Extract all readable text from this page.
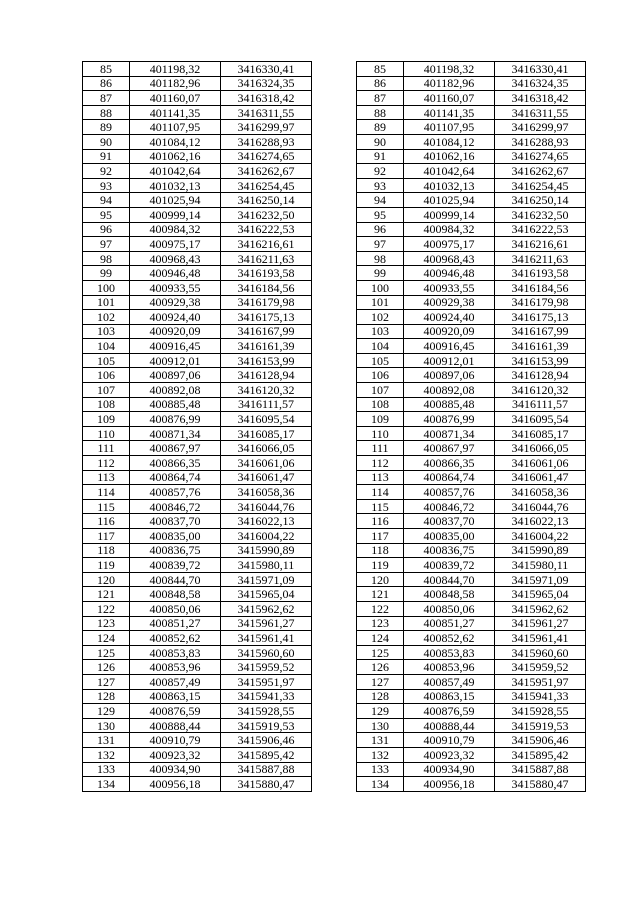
85	401198,32	3416330,41		85	401198,32	3416330,41
86	401182,96	3416324,35		86	401182,96	3416324,35
87	401160,07	3416318,42		87	401160,07	3416318,42
88	401141,35	3416311,55		88	401141,35	3416311,55
89	401107,95	3416299,97		89	401107,95	3416299,97
90	401084,12	3416288,93		90	401084,12	3416288,93
91	401062,16	3416274,65		91	401062,16	3416274,65
92	401042,64	3416262,67		92	401042,64	3416262,67
93	401032,13	3416254,45		93	401032,13	3416254,45
94	401025,94	3416250,14		94	401025,94	3416250,14
95	400999,14	3416232,50		95	400999,14	3416232,50
96	400984,32	3416222,53		96	400984,32	3416222,53
97	400975,17	3416216,61		97	400975,17	3416216,61
98	400968,43	3416211,63		98	400968,43	3416211,63
99	400946,48	3416193,58		99	400946,48	3416193,58
100	400933,55	3416184,56		100	400933,55	3416184,56
101	400929,38	3416179,98		101	400929,38	3416179,98
102	400924,40	3416175,13		102	400924,40	3416175,13
103	400920,09	3416167,99		103	400920,09	3416167,99
104	400916,45	3416161,39		104	400916,45	3416161,39
105	400912,01	3416153,99		105	400912,01	3416153,99
106	400897,06	3416128,94		106	400897,06	3416128,94
107	400892,08	3416120,32		107	400892,08	3416120,32
108	400885,48	3416111,57		108	400885,48	3416111,57
109	400876,99	3416095,54		109	400876,99	3416095,54
110	400871,34	3416085,17		110	400871,34	3416085,17
111	400867,97	3416066,05		111	400867,97	3416066,05
112	400866,35	3416061,06		112	400866,35	3416061,06
113	400864,74	3416061,47		113	400864,74	3416061,47
114	400857,76	3416058,36		114	400857,76	3416058,36
115	400846,72	3416044,76		115	400846,72	3416044,76
116	400837,70	3416022,13		116	400837,70	3416022,13
117	400835,00	3416004,22		117	400835,00	3416004,22
118	400836,75	3415990,89		118	400836,75	3415990,89
119	400839,72	3415980,11		119	400839,72	3415980,11
120	400844,70	3415971,09		120	400844,70	3415971,09
121	400848,58	3415965,04		121	400848,58	3415965,04
122	400850,06	3415962,62		122	400850,06	3415962,62
123	400851,27	3415961,27		123	400851,27	3415961,27
124	400852,62	3415961,41		124	400852,62	3415961,41
125	400853,83	3415960,60		125	400853,83	3415960,60
126	400853,96	3415959,52		126	400853,96	3415959,52
127	400857,49	3415951,97		127	400857,49	3415951,97
128	400863,15	3415941,33		128	400863,15	3415941,33
129	400876,59	3415928,55		129	400876,59	3415928,55
130	400888,44	3415919,53		130	400888,44	3415919,53
131	400910,79	3415906,46		131	400910,79	3415906,46
132	400923,32	3415895,42		132	400923,32	3415895,42
133	400934,90	3415887,88		133	400934,90	3415887,88
134	400956,18	3415880,47		134	400956,18	3415880,47
